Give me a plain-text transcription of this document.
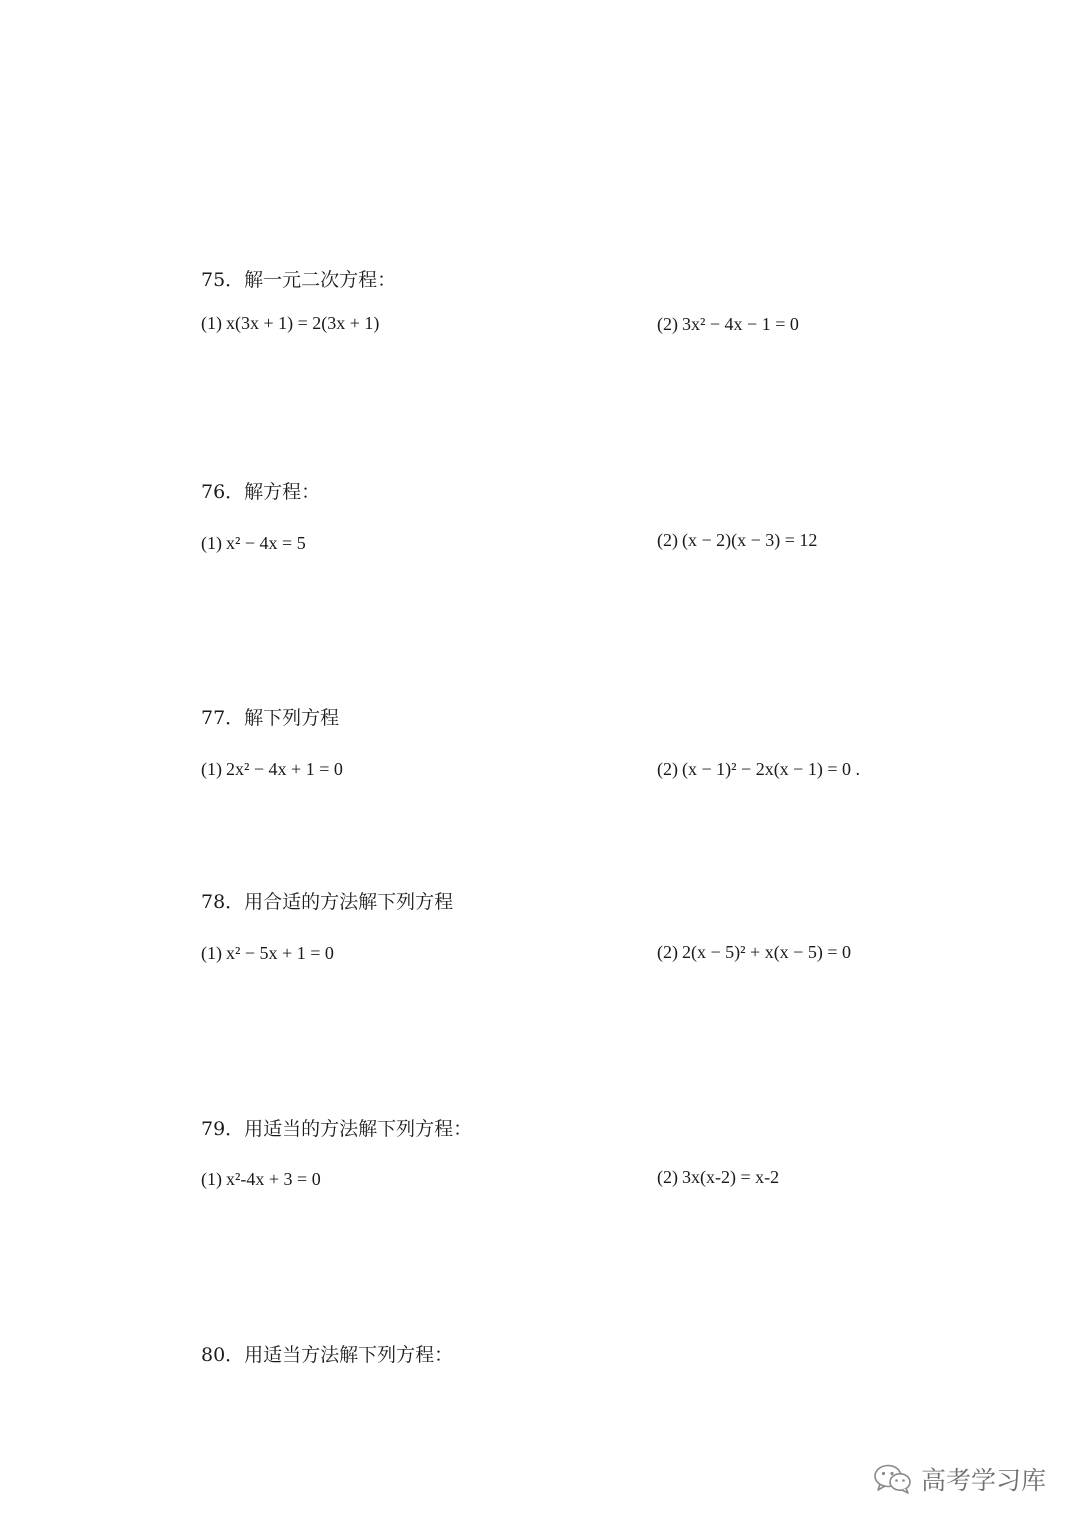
75．解一元二次方程：
(1) x(3x + 1) = 2(3x + 1)	(2) 3x² − 4x − 1 = 0
76．解方程：
(1) x² − 4x = 5	(2) (x − 2)(x − 3) = 12
77．解下列方程
(1) 2x² − 4x + 1 = 0	(2) (x − 1)² − 2x(x − 1) = 0 .
78．用合适的方法解下列方程
(1) x² − 5x + 1 = 0	(2) 2(x − 5)² + x(x − 5) = 0
79．用适当的方法解下列方程：
(1) x²-4x + 3 = 0	(2) 3x(x-2) = x-2
80．用适当方法解下列方程：
高考学习库
